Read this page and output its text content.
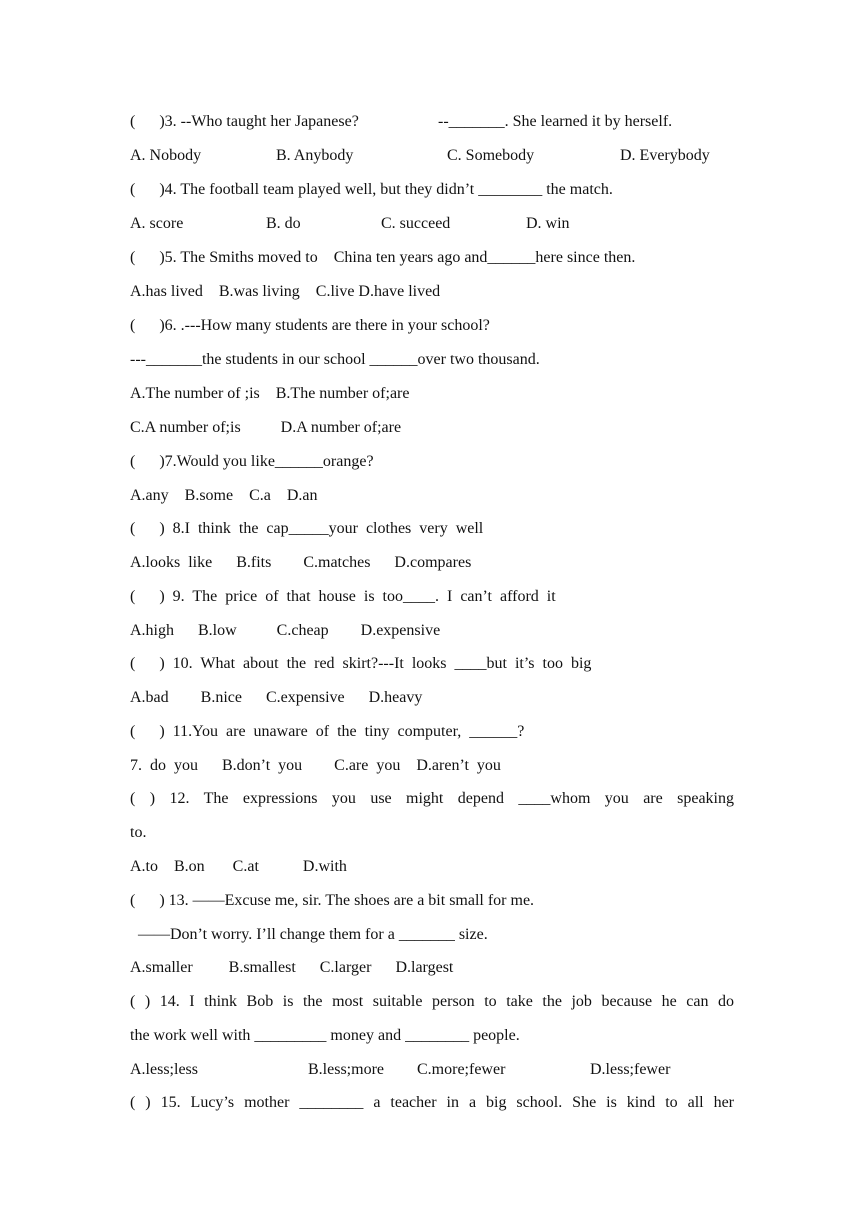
(      )3. --Who taught her Japanese?	--_______. She learned it by herself.
A. Nobody	B. Anybody	C. Somebody	D. Everybody
(      )4. The football team played well, but they didn’t ________ the match.
A. score	B. do	C. succeed	D. win
(      )5. The Smiths moved to    China ten years ago and______here since then.
A.has lived    B.was living    C.live D.have lived
(      )6. .---How many students are there in your school?
---_______the students in our school ______over two thousand.
A.The number of ;is    B.The number of;are
C.A number of;is          D.A number of;are
(      )7.Would you like______orange?
A.any    B.some    C.a    D.an
(      )  8.I  think  the  cap_____your  clothes  very  well
A.looks  like      B.fits        C.matches      D.compares
(      )  9.  The  price  of  that  house  is  too____.  I  can’t  afford  it
A.high      B.low          C.cheap        D.expensive
(      )  10.  What  about  the  red  skirt?---It  looks  ____but  it’s  too  big
A.bad        B.nice      C.expensive      D.heavy
(      )  11.You  are  unaware  of  the  tiny  computer,  ______?
7.  do  you      B.don’t  you        C.are  you    D.aren’t  you
( ) 12. The expressions you use might depend ____whom you are speaking
to.
A.to    B.on       C.at           D.with
(      ) 13. ——Excuse me, sir. The shoes are a bit small for me.
——Don’t worry. I’ll change them for a _______ size.
A.smaller         B.smallest      C.larger      D.largest
( ) 14. I think Bob is the most suitable person to take the job because he can do
the work well with _________ money and ________ people.
A.less;less	B.less;more C.more;fewer	D.less;fewer
( ) 15. Lucy’s mother ________ a teacher in a big school. She is kind to all her
